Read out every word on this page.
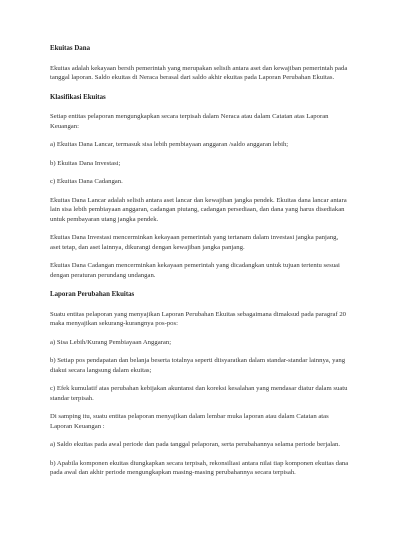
Ekuitas Dana

Ekuitas adalah kekayaan bersih pemerintah yang merupakan selisih antara aset dan kewajiban pemerintah pada tanggal laporan. Saldo ekuitas di Neraca berasal dari saldo akhir ekuitas pada Laporan Perubahan Ekuitas.

Klasifikasi Ekuitas

Setiap entitas pelaporan mengungkapkan secara terpisah dalam Neraca atau dalam Catatan atas Laporan Keuangan:

a) Ekuitas Dana Lancar, termasuk sisa lebih pembiayaan anggaran /saldo anggaran lebih;

b) Ekuitas Dana Investasi;

c) Ekuitas Dana Cadangan.

Ekuitas Dana Lancar adalah selisih antara aset lancar dan kewajiban jangka pendek. Ekuitas dana lancar antara lain sisa lebih pembiayaan anggaran, cadangan piutang, cadangan persediaan, dan dana yang harus disediakan untuk pembayaran utang jangka pendek.

Ekuitas Dana Investasi mencerminkan kekayaan pemerintah yang tertanam dalam investasi jangka panjang, aset tetap, dan aset lainnya, dikurangi dengan kewajiban jangka panjang.

Ekuitas Dana Cadangan mencerminkan kekayaan pemerintah yang dicadangkan untuk tujuan tertentu sesuai dengan peraturan perundang undangan.

Laporan Perubahan Ekuitas

Suatu entitas pelaporan yang menyajikan Laporan Perubahan Ekuitas sebagaimana dimaksud pada paragraf 20 maka menyajikan sekurang-kurangnya pos-pos:

a) Sisa Lebih/Kurang Pembiayaan Anggaran;

b) Setiap pos pendapatan dan belanja beserta totalnya seperti diisyaratkan dalam standar-standar lainnya, yang diakui secara langsung dalam ekuitas;

c) Efek kumulatif atas perubahan kebijakan akuntansi dan koreksi kesalahan yang mendasar diatur dalam suatu standar terpisah.

Di samping itu, suatu entitas pelaporan menyajikan dalam lembar muka laporan atau dalam Catatan atas Laporan Keuangan :

a) Saldo ekuitas pada awal periode dan pada tanggal pelaporan, serta perubahannya selama periode berjalan.

b) Apabila komponen ekuitas diungkapkan secara terpisah, rekonsiliasi antara nilai tiap komponen ekuitas dana pada awal dan akhir periode mengungkapkan masing-masing perubahannya secara terpisah.
